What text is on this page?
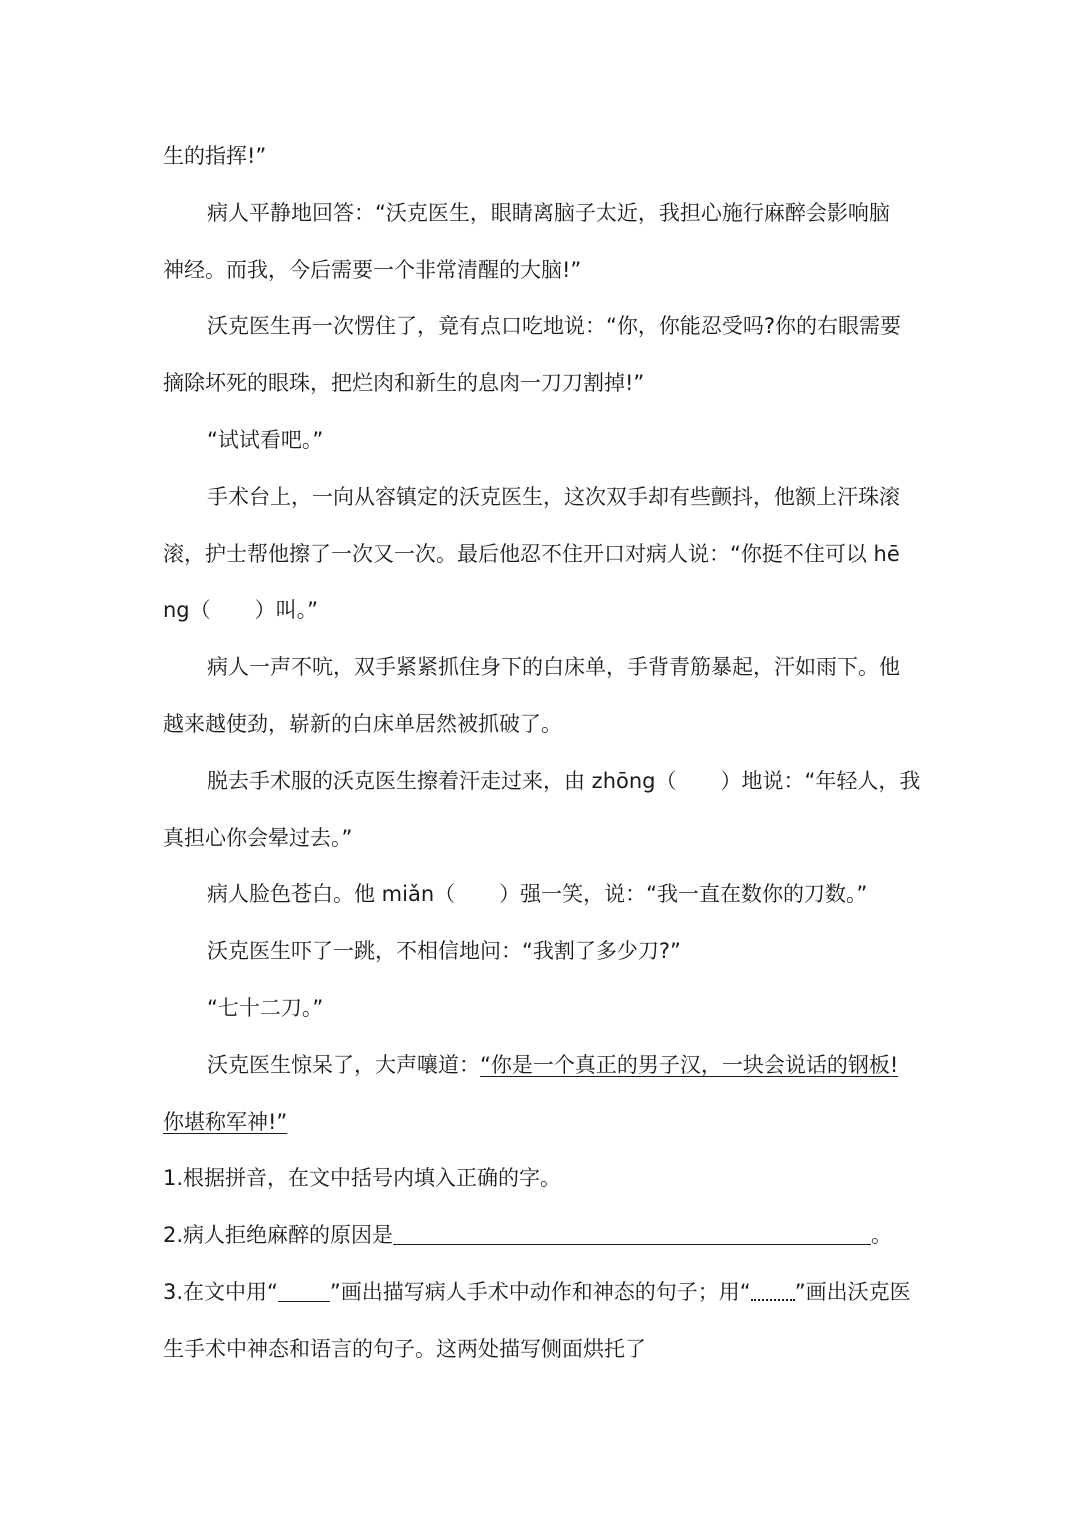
生的指挥!”
病人平静地回答：“沃克医生，眼睛离脑子太近，我担心施行麻醉会影响脑
神经。而我，今后需要一个非常清醒的大脑!”
沃克医生再一次愣住了，竟有点口吃地说：“你，你能忍受吗?你的右眼需要
摘除坏死的眼珠，把烂肉和新生的息肉一刀刀割掉!”
“试试看吧。”
手术台上，一向从容镇定的沃克医生，这次双手却有些颤抖，他额上汗珠滚
滚，护士帮他擦了一次又一次。最后他忍不住开口对病人说：“你挺不住可以 hē
ng（ ）叫。”
病人一声不吭，双手紧紧抓住身下的白床单，手背青筋暴起，汗如雨下。他
越来越使劲，崭新的白床单居然被抓破了。
脱去手术服的沃克医生擦着汗走过来，由 zhōng（ ）地说：“年轻人，我
真担心你会晕过去。”
病人脸色苍白。他 miǎn（ ）强一笑，说：“我一直在数你的刀数。”
沃克医生吓了一跳，不相信地问：“我割了多少刀?”
“七十二刀。”
沃克医生惊呆了，大声嚷道：“你是一个真正的男子汉，一块会说话的钢板!
你堪称军神!”
1.根据拼音，在文中括号内填入正确的字。
2.病人拒绝麻醉的原因是	。
3.在文中用“ ”画出描写病人手术中动作和神态的句子；用“ ”画出沃克医
生手术中神态和语言的句子。这两处描写侧面烘托了
